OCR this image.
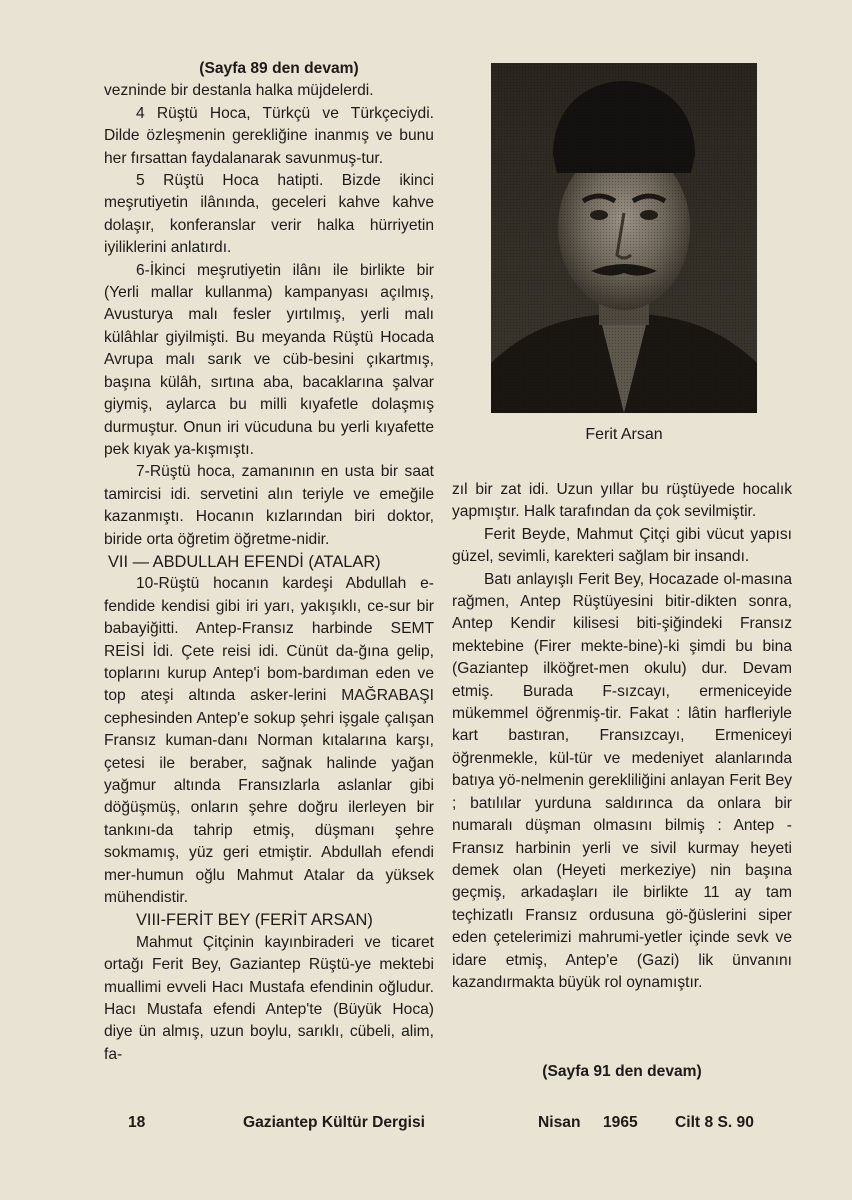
(Sayfa 89 den devam)

vezninde bir destanla halka müjdelerdi.

4 Rüştü Hoca, Türkçü ve Türkçeciydi. Dilde özleşmenin gerekliğine inanmış ve bunu her fırsattan faydalanarak savunmuş-tur.

5 Rüştü Hoca hatipti. Bizde ikinci meşrutiyetin ilânında, geceleri kahve kahve dolaşır, konferanslar verir halka hürriyetin iyiliklerini anlatırdı.

6-İkinci meşrutiyetin ilânı ile birlikte bir (Yerli mallar kullanma) kampanyası açılmış, Avusturya malı fesler yırtılmış, yerli malı külâhlar giyilmişti. Bu meyanda Rüştü Hocada Avrupa malı sarık ve cüb-besini çıkartmış, başına külâh, sırtına aba, bacaklarına şalvar giymiş, aylarca bu milli kıyafetle dolaşmış durmuştur. Onun iri vücuduna bu yerli kıyafette pek kıyak ya-kışmıştı.

7-Rüştü hoca, zamanının en usta bir saat tamircisi idi. servetini alın teriyle ve emeğile kazanmıştı. Hocanın kızlarından biri doktor, biride orta öğretim öğretme-nidir.

VII — ABDULLAH EFENDİ (ATALAR)

10-Rüştü hocanın kardeşi Abdullah e-fendide kendisi gibi iri yarı, yakışıklı, ce-sur bir babayiğitti. Antep-Fransız harbinde SEMT REİSİ İdi. Çete reisi idi. Cünüt da-ğına gelip, toplarını kurup Antep'i bom-bardıman eden ve top ateşi altında asker-lerini MAĞRABAŞI cephesinden Antep'e sokup şehri işgale çalışan Fransız kuman-danı Norman kıtalarına karşı, çetesi ile beraber, sağnak halinde yağan yağmur altında Fransızlarla aslanlar gibi döğüşmüş, onların şehre doğru ilerleyen bir tankını-da tahrip etmiş, düşmanı şehre sokmamış, yüz geri etmiştir. Abdullah efendi mer-humun oğlu Mahmut Atalar da yüksek mühendistir.

VIII-FERİT BEY (FERİT ARSAN)

Mahmut Çitçinin kayınbiraderi ve ticaret ortağı Ferit Bey, Gaziantep Rüştü-ye mektebi muallimi evveli Hacı Mustafa efendinin oğludur. Hacı Mustafa efendi Antep'te (Büyük Hoca) diye ün almış, uzun boylu, sarıklı, cübeli, alim, fa-

Ferit Arsan

zıl bir zat idi. Uzun yıllar bu rüştüyede hocalık yapmıştır. Halk tarafından da çok sevilmiştir.

Ferit Beyde, Mahmut Çitçi gibi vücut yapısı güzel, sevimli, karekteri sağlam bir insandı.

Batı anlayışlı Ferit Bey, Hocazade ol-masına rağmen, Antep Rüştüyesini bitir-dikten sonra, Antep Kendir kilisesi biti-şiğindeki Fransız mektebine (Firer mekte-bine)-ki şimdi bu bina (Gaziantep ilköğret-men okulu) dur. Devam etmiş. Burada F-sızcayı, ermeniceyide mükemmel öğrenmiş-tir. Fakat : lâtin harfleriyle kart bastıran, Fransızcayı, Ermeniceyi öğrenmekle, kül-tür ve medeniyet alanlarında batıya yö-nelmenin gerekliliğini anlayan Ferit Bey ; batılılar yurduna saldırınca da onlara bir numaralı düşman olmasını bilmiş : Antep -Fransız harbinin yerli ve sivil kurmay heyeti demek olan (Heyeti merkeziye) nin başına geçmiş, arkadaşları ile birlikte 11 ay tam teçhizatlı Fransız ordusuna gö-ğüslerini siper eden çetelerimizi mahrumi-yetler içinde sevk ve idare etmiş, Antep'e (Gazi) lik ünvanını kazandırmakta büyük rol oynamıştır.

(Sayfa 91 den devam)
18	Gaziantep Kültür Dergisi	Nisan 1965 Cilt 8 S. 90
